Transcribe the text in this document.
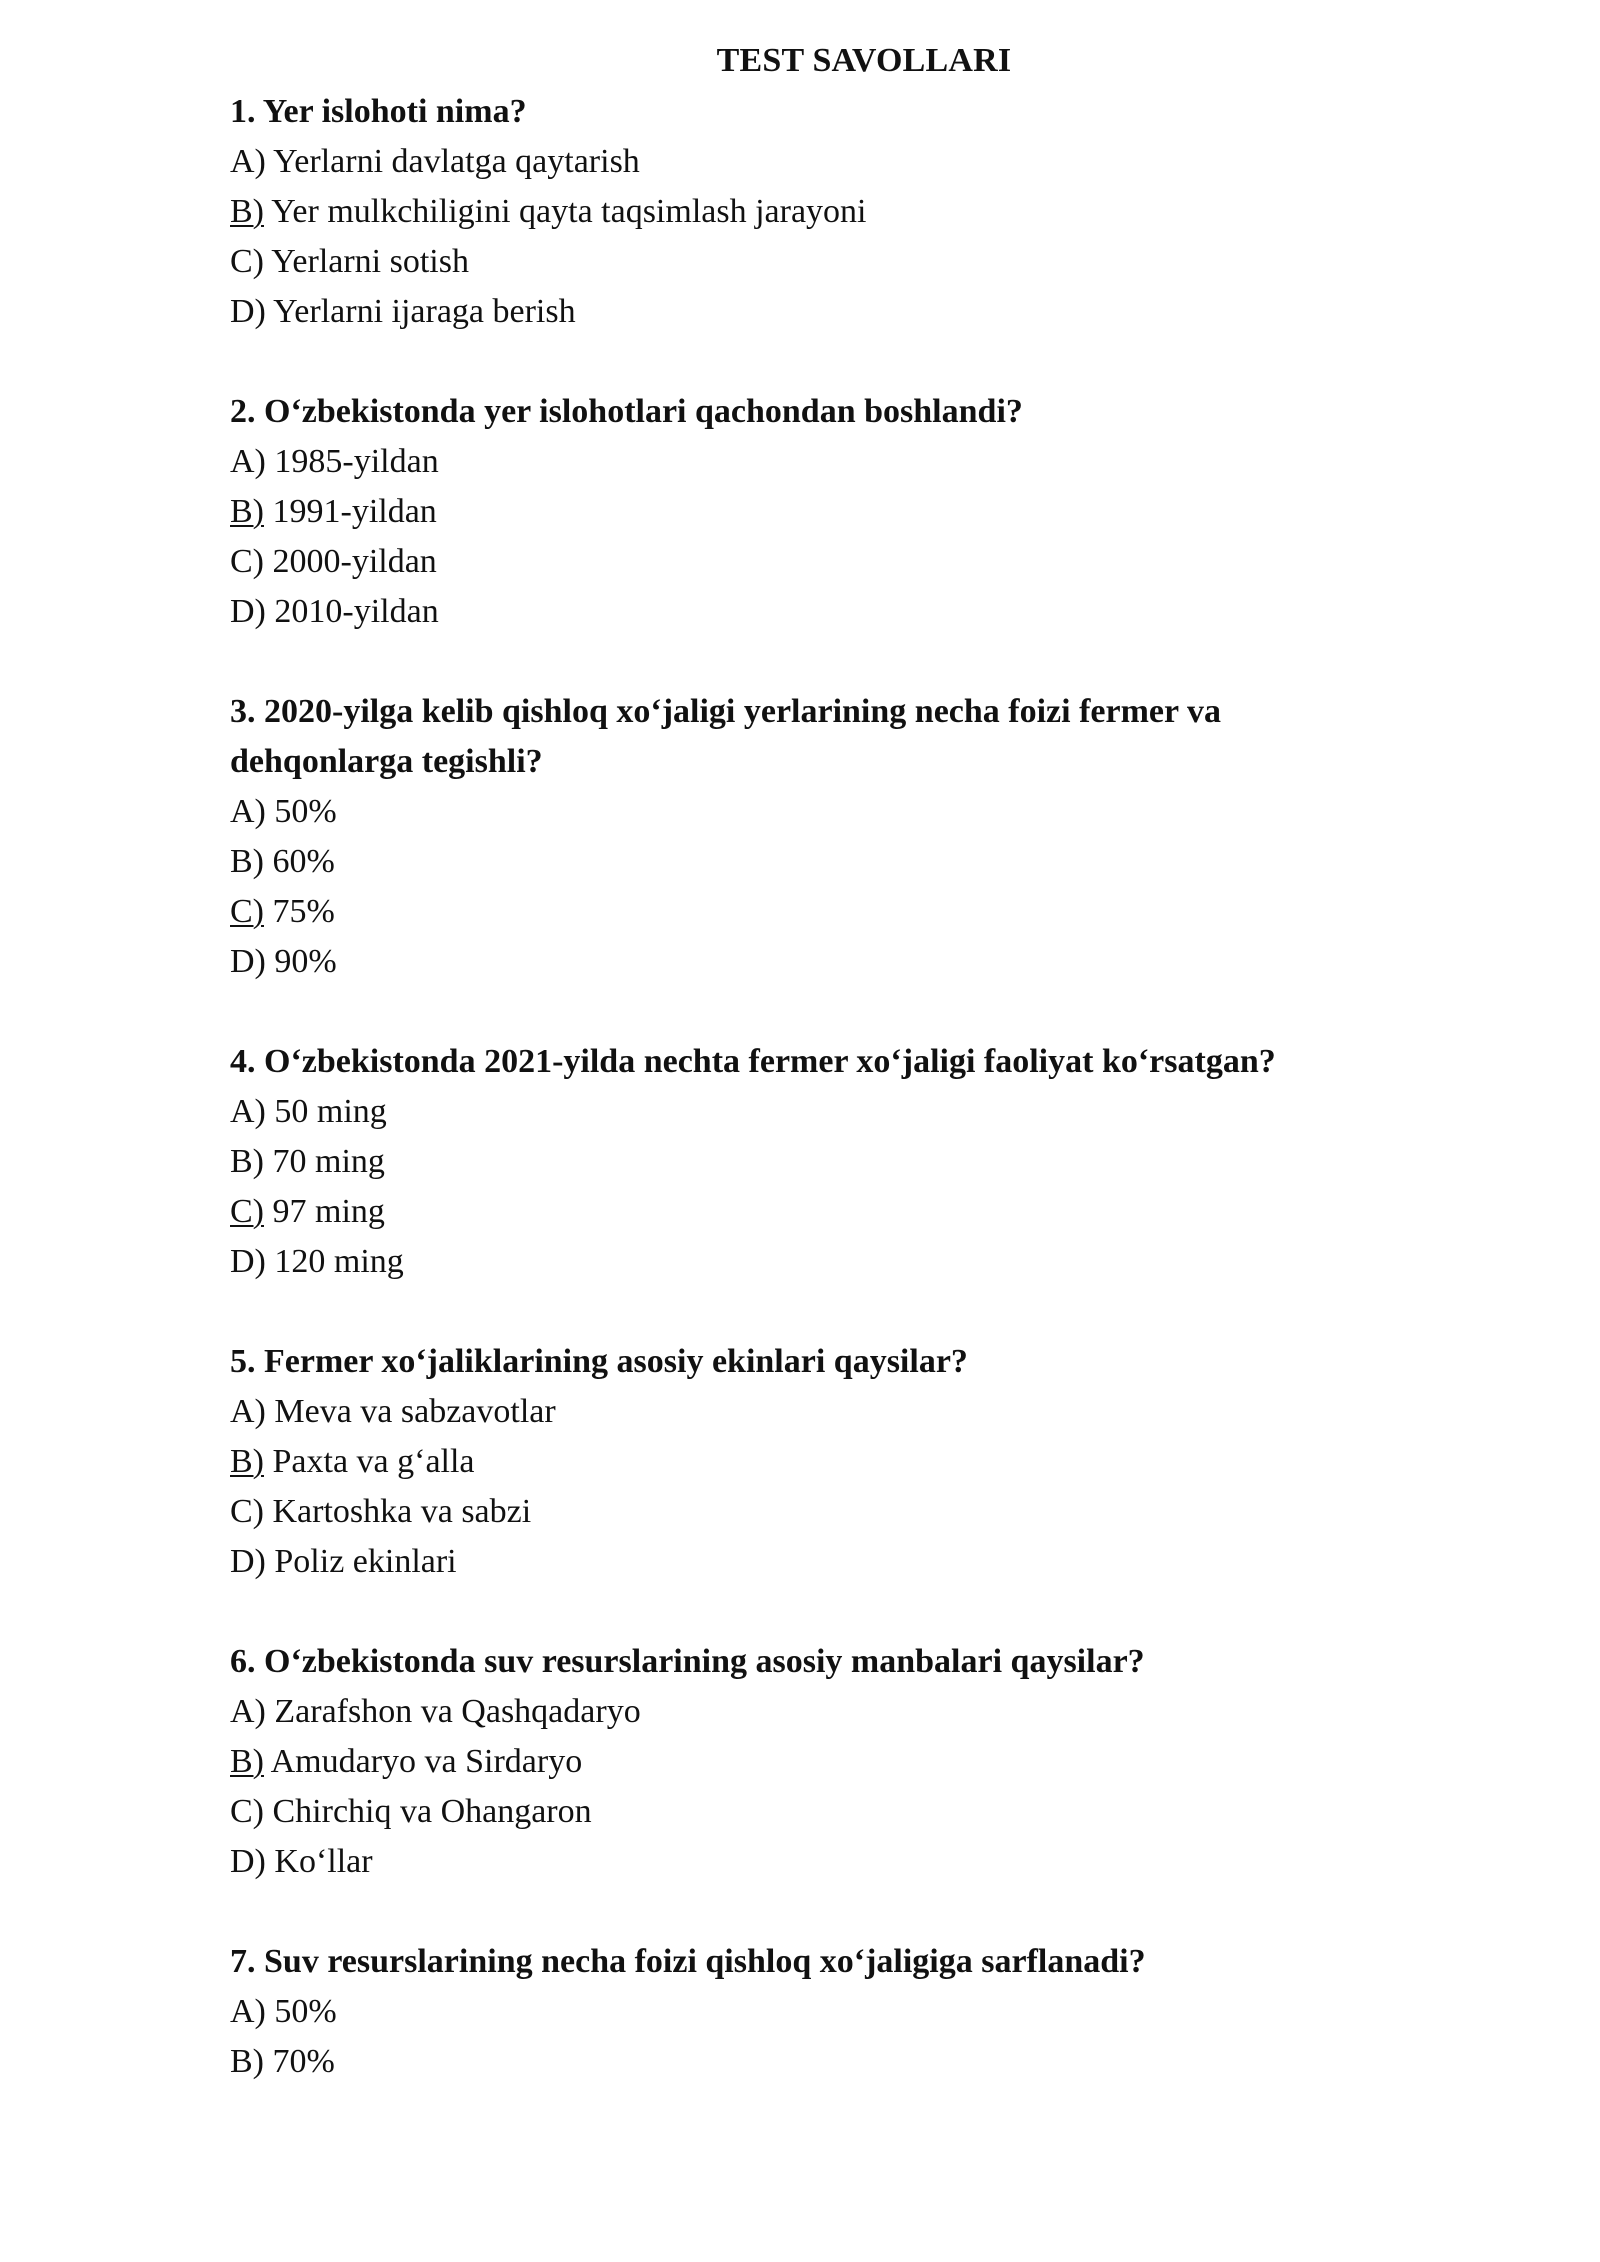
TEST SAVOLLARI

1. Yer islohoti nima?

A) Yerlarni davlatga qaytarish

B) Yer mulkchiligini qayta taqsimlash jarayoni

C) Yerlarni sotish

D) Yerlarni ijaraga berish

2. O‘zbekistonda yer islohotlari qachondan boshlandi?

A) 1985-yildan

B) 1991-yildan

C) 2000-yildan

D) 2010-yildan

3. 2020-yilga kelib qishloq xo‘jaligi yerlarining necha foizi fermer va

dehqonlarga tegishli?

A) 50%

B) 60%

C) 75%

D) 90%

4. O‘zbekistonda 2021-yilda nechta fermer xo‘jaligi faoliyat ko‘rsatgan?

A) 50 ming

B) 70 ming

C) 97 ming

D) 120 ming

5. Fermer xo‘jaliklarining asosiy ekinlari qaysilar?

A) Meva va sabzavotlar

B) Paxta va g‘alla

C) Kartoshka va sabzi

D) Poliz ekinlari

6. O‘zbekistonda suv resurslarining asosiy manbalari qaysilar?

A) Zarafshon va Qashqadaryo

B) Amudaryo va Sirdaryo

C) Chirchiq va Ohangaron

D) Ko‘llar

7. Suv resurslarining necha foizi qishloq xo‘jaligiga sarflanadi?

A) 50%

B) 70%
